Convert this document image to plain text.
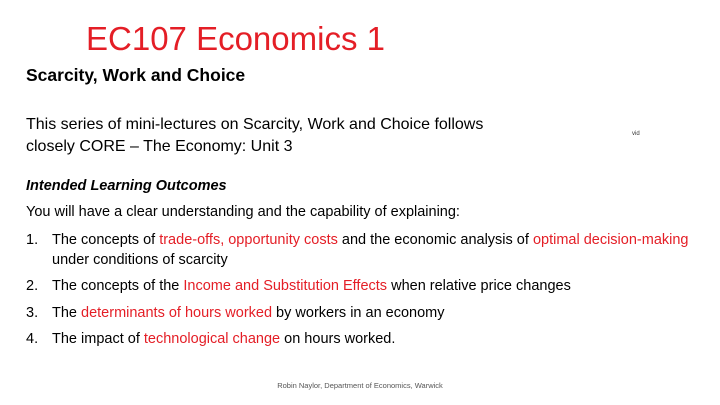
EC107 Economics 1
Scarcity, Work and Choice
This series of mini-lectures on Scarcity, Work and Choice follows
closely CORE – The Economy: Unit 3
vid
Intended Learning Outcomes
You will have a clear understanding and the capability of explaining:
1. The concepts of trade-offs, opportunity costs and the economic analysis of optimal decision-making under conditions of scarcity
2. The concepts of the Income and Substitution Effects when relative price changes
3. The determinants of hours worked by workers in an economy
4. The impact of technological change on hours worked.
Robin Naylor, Department of Economics, Warwick
